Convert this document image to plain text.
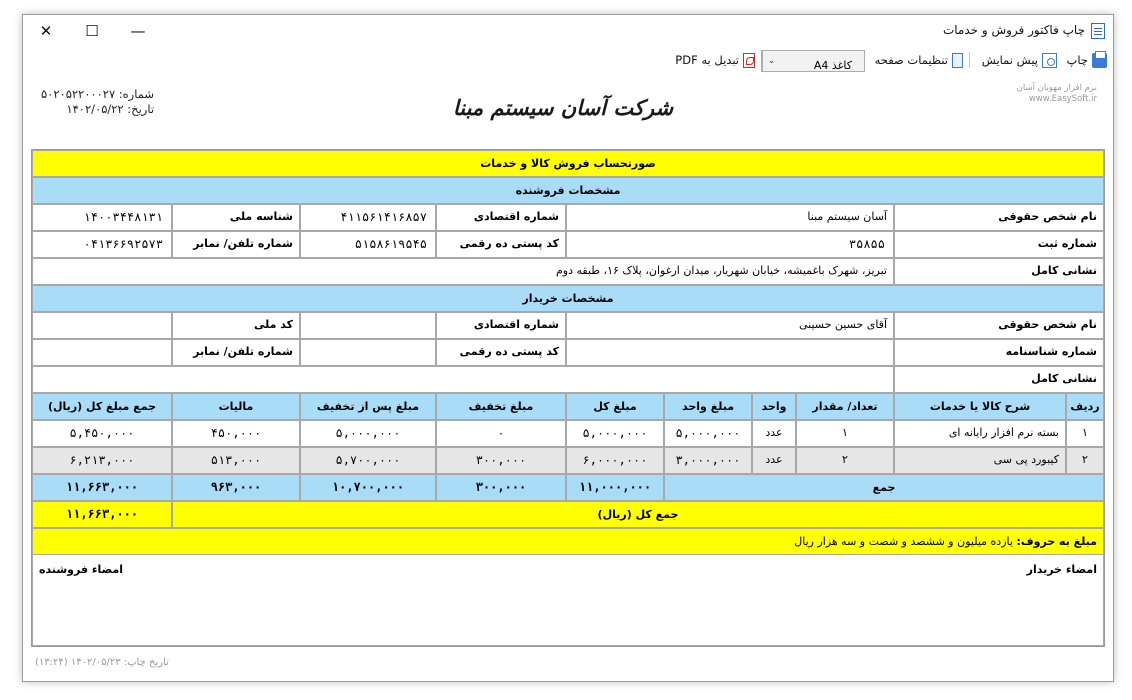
✕ ☐ —	چاپ فاکتور فروش و خدمات
چاپ
پیش نمایش
تنظیمات صفحه
کاغذ A4
⌄
تبدیل به PDF
شماره: ۵۰۲۰۵۲۲۰۰۰۲۷
تاریخ: ۱۴۰۲/۰۵/۲۲	شرکت آسان سیستم مبنا
نرم افزار مهوبان آسان
www.EasySoft.ir
صورتحساب فروش کالا و خدمات
مشخصات فروشنده
نام شخص حقوقی
آسان سیستم مبنا
شماره اقتصادی
۴۱۱۵۶۱۴۱۶۸۵۷
شناسه ملی
۱۴۰۰۳۴۴۸۱۳۱
شماره ثبت
۳۵۸۵۵
کد پستی ده رقمی
۵۱۵۸۶۱۹۵۴۵
شماره تلفن/ نمابر
۰۴۱۳۶۶۹۲۵۷۳
نشانی کامل
تبریز، شهرک باغمیشه، خیابان شهریار، میدان ارغوان، پلاک ۱۶، طبقه دوم
مشخصات خریدار
نام شخص حقوقی
آقای حسین حسینی
شماره اقتصادی
کد ملی
شماره شناسنامه
کد پستی ده رقمی
شماره تلفن/ نمابر
نشانی کامل
ردیف
شرح کالا یا خدمات
تعداد/ مقدار
واحد
مبلغ واحد
مبلغ کل
مبلغ تخفیف
مبلغ پس از تخفیف
مالیات
جمع مبلغ کل (ریال)
۱
بسته نرم افزار رایانه ای
۱
عدد
۵,۰۰۰,۰۰۰
۵,۰۰۰,۰۰۰
۰
۵,۰۰۰,۰۰۰
۴۵۰,۰۰۰
۵,۴۵۰,۰۰۰
۲
کیبورد پی سی
۲
عدد
۳,۰۰۰,۰۰۰
۶,۰۰۰,۰۰۰
۳۰۰,۰۰۰
۵,۷۰۰,۰۰۰
۵۱۳,۰۰۰
۶,۲۱۳,۰۰۰
جمع
۱۱,۰۰۰,۰۰۰
۳۰۰,۰۰۰
۱۰,۷۰۰,۰۰۰
۹۶۳,۰۰۰
۱۱,۶۶۳,۰۰۰
جمع کل (ریال)
۱۱,۶۶۳,۰۰۰
مبلغ به حروف: یازده میلیون و ششصد و شصت و سه هزار ریال
امضاء خریدار
امضاء فروشنده
تاریخ چاپ: ۱۴۰۲/۰۵/۲۳ (۱۳:۲۴)
